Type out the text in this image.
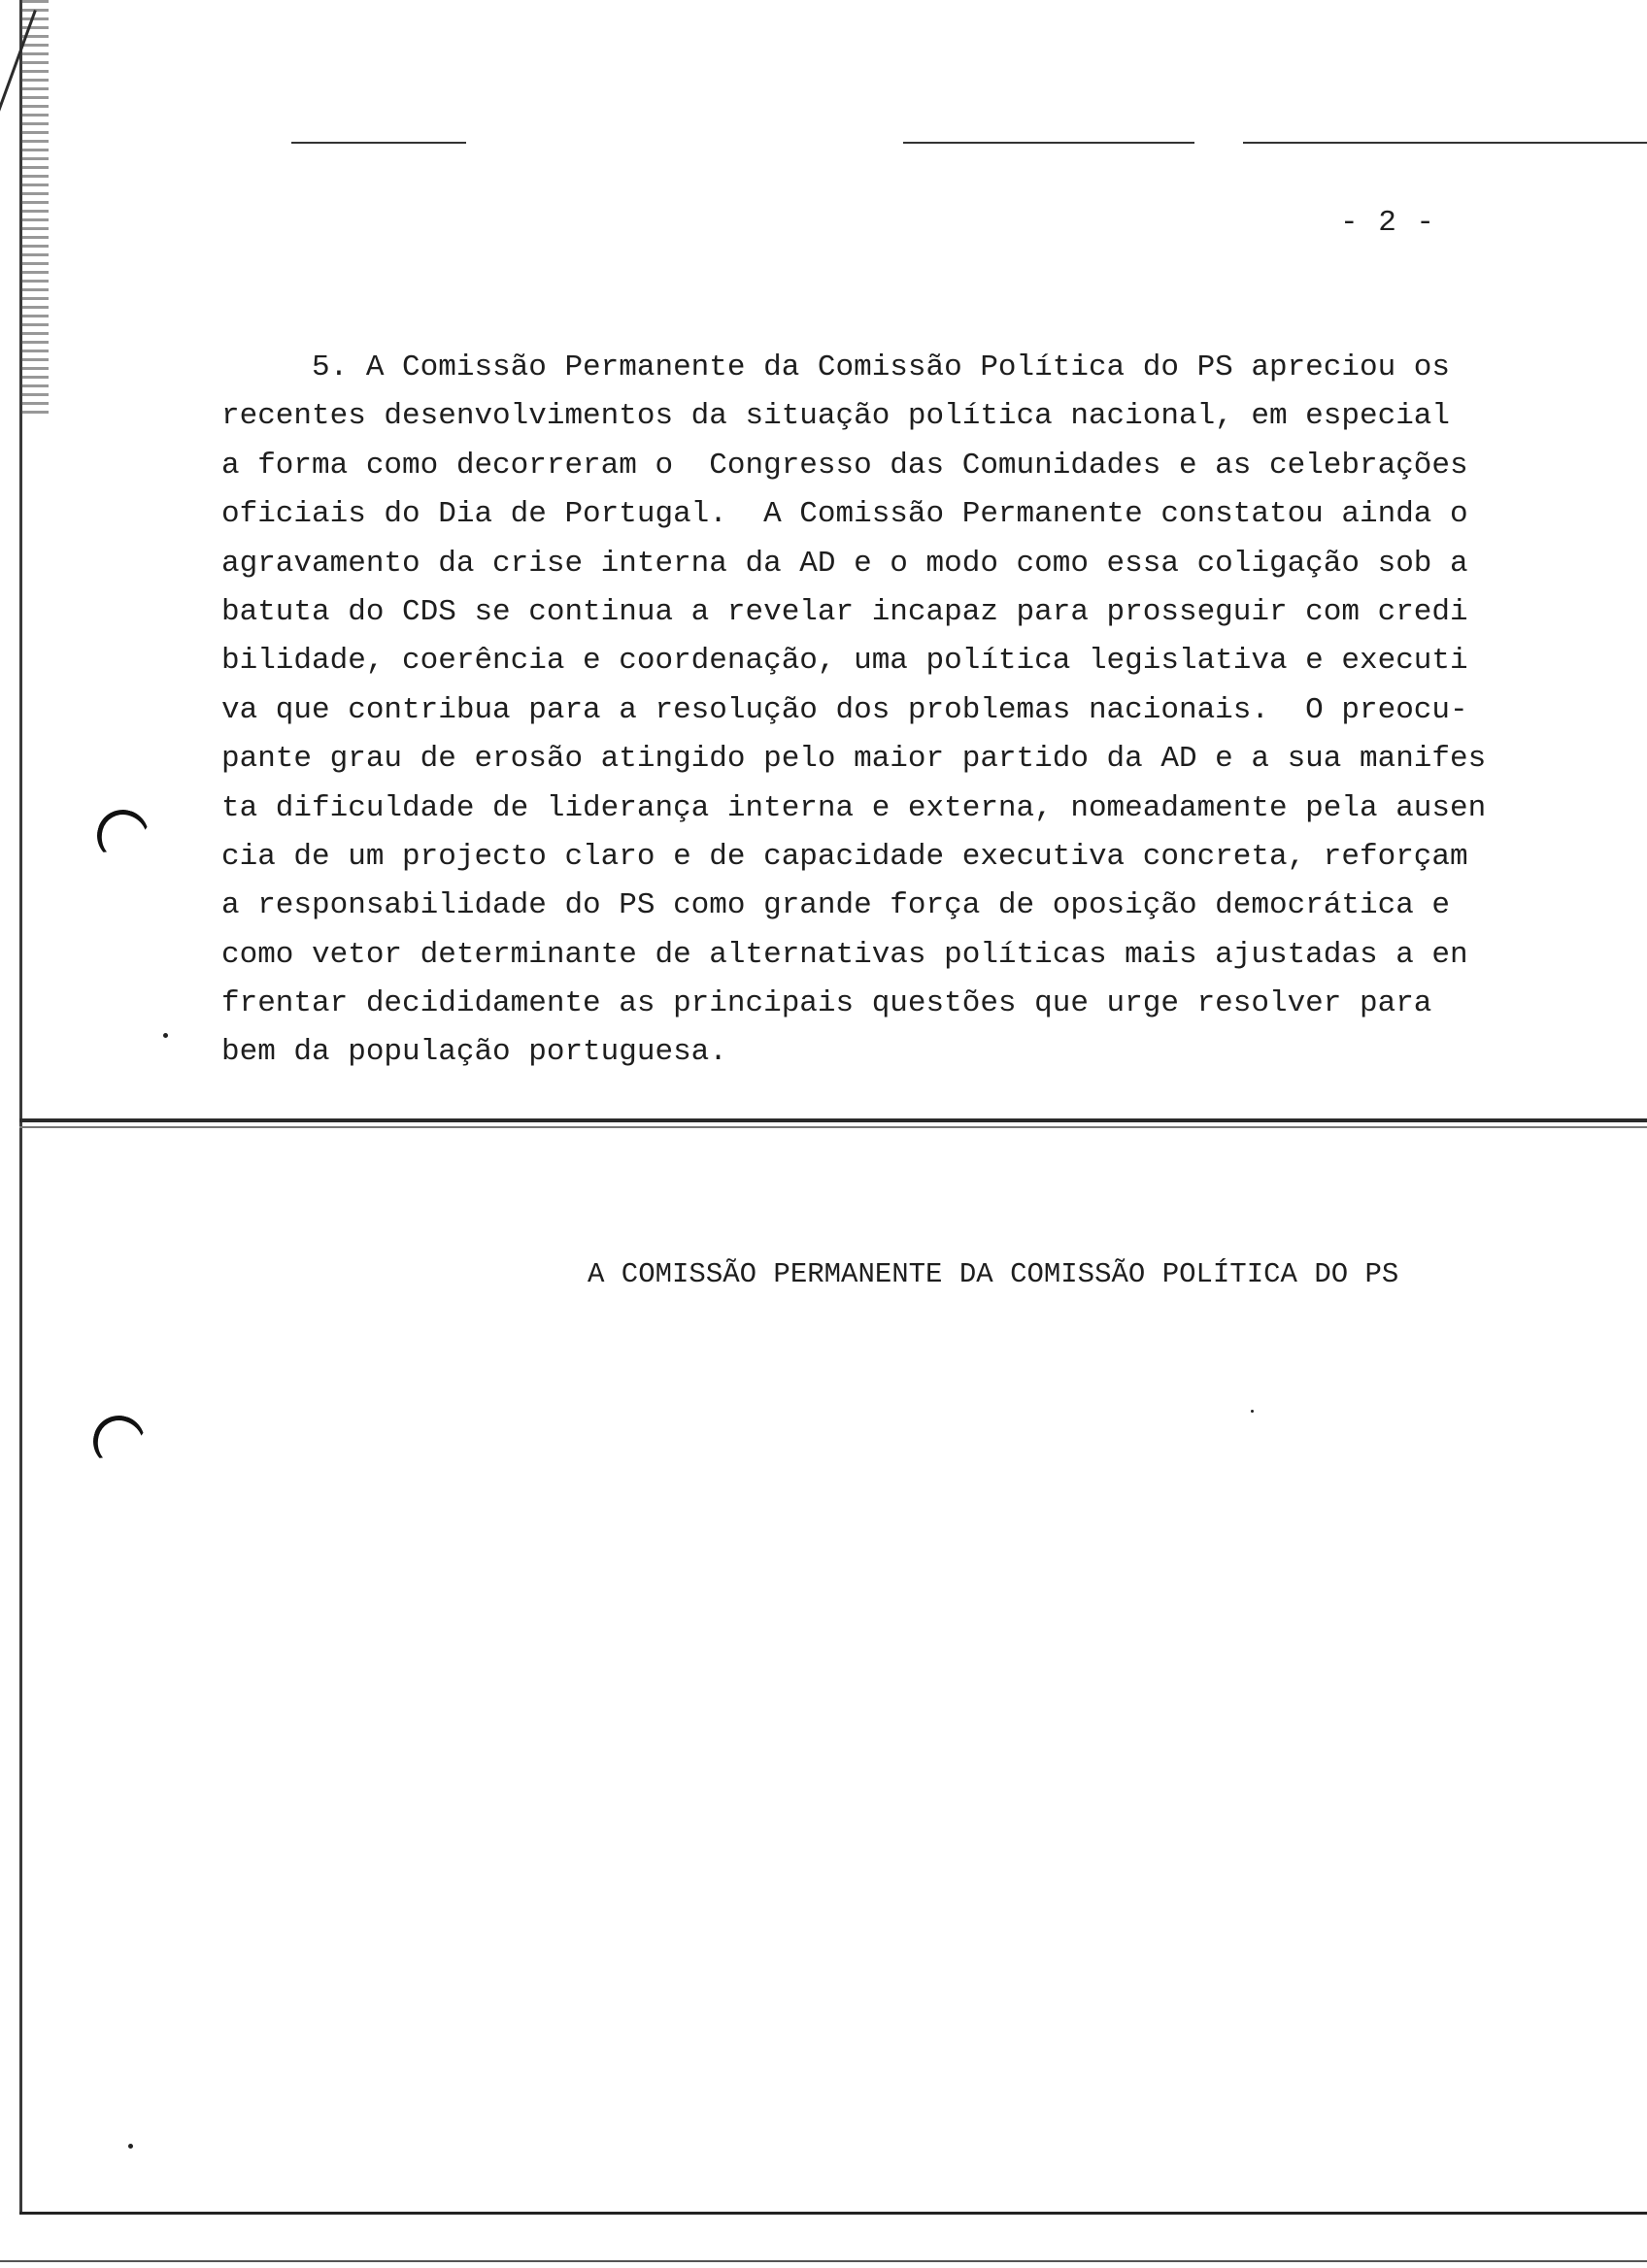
- 2 -

5. A Comissão Permanente da Comissão Política do PS apreciou os
recentes desenvolvimentos da situação política nacional, em especial
a forma como decorreram o  Congresso das Comunidades e as celebrações
oficiais do Dia de Portugal.  A Comissão Permanente constatou ainda o
agravamento da crise interna da AD e o modo como essa coligação sob a
batuta do CDS se continua a revelar incapaz para prosseguir com credi
bilidade, coerência e coordenação, uma política legislativa e executi
va que contribua para a resolução dos problemas nacionais.  O preocu-
pante grau de erosão atingido pelo maior partido da AD e a sua manifes
ta dificuldade de liderança interna e externa, nomeadamente pela ausen
cia de um projecto claro e de capacidade executiva concreta, reforçam
a responsabilidade do PS como grande força de oposição democrática e
como vetor determinante de alternativas políticas mais ajustadas a en
frentar decididamente as principais questões que urge resolver para
bem da população portuguesa.

A COMISSÃO PERMANENTE DA COMISSÃO POLÍTICA DO PS
